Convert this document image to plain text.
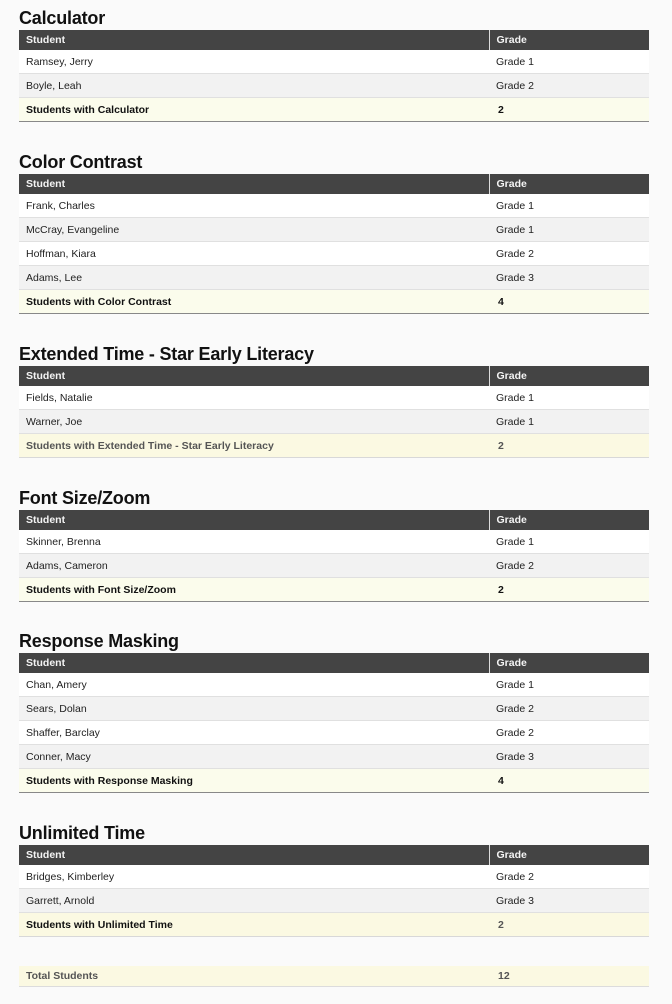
Calculator
Student	Grade
Ramsey, Jerry	Grade 1
Boyle, Leah	Grade 2
Students with Calculator	2
Color Contrast
Student	Grade
Frank, Charles	Grade 1
McCray, Evangeline	Grade 1
Hoffman, Kiara	Grade 2
Adams, Lee	Grade 3
Students with Color Contrast	4
Extended Time - Star Early Literacy
Student	Grade
Fields, Natalie	Grade 1
Warner, Joe	Grade 1
Students with Extended Time - Star Early Literacy	2
Font Size/Zoom
Student	Grade
Skinner, Brenna	Grade 1
Adams, Cameron	Grade 2
Students with Font Size/Zoom	2
Response Masking
Student	Grade
Chan, Amery	Grade 1
Sears, Dolan	Grade 2
Shaffer, Barclay	Grade 2
Conner, Macy	Grade 3
Students with Response Masking	4
Unlimited Time
Student	Grade
Bridges, Kimberley	Grade 2
Garrett, Arnold	Grade 3
Students with Unlimited Time	2
Total Students	12
